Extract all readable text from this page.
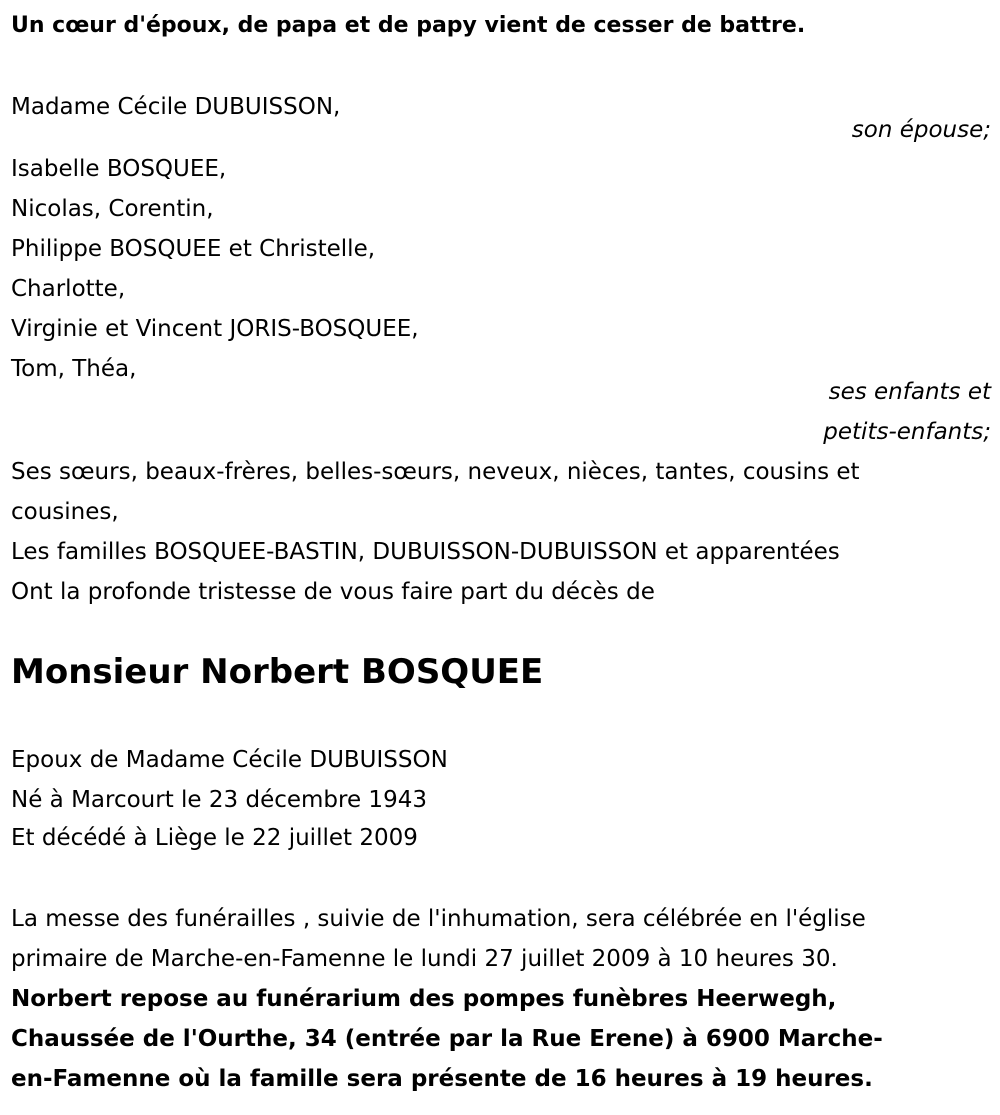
Un cœur d'époux, de papa et de papy vient de cesser de battre.
Madame Cécile DUBUISSON,
son épouse;
Isabelle BOSQUEE,
Nicolas, Corentin,
Philippe BOSQUEE et Christelle,
Charlotte,
Virginie et Vincent JORIS-BOSQUEE,
Tom, Théa,
ses enfants et
petits-enfants;
Ses sœurs, beaux-frères, belles-sœurs, neveux, nièces, tantes, cousins et
cousines,
Les familles BOSQUEE-BASTIN, DUBUISSON-DUBUISSON et apparentées
Ont la profonde tristesse de vous faire part du décès de
Monsieur Norbert BOSQUEE
Epoux de Madame Cécile DUBUISSON
Né à Marcourt le 23 décembre 1943
Et décédé à Liège le 22 juillet 2009
La messe des funérailles , suivie de l'inhumation, sera célébrée en l'église
primaire de Marche-en-Famenne le lundi 27 juillet 2009 à 10 heures 30.
Norbert repose au funérarium des pompes funèbres Heerwegh,
Chaussée de l'Ourthe, 34 (entrée par la Rue Erene) à 6900 Marche-
en-Famenne où la famille sera présente de 16 heures à 19 heures.
